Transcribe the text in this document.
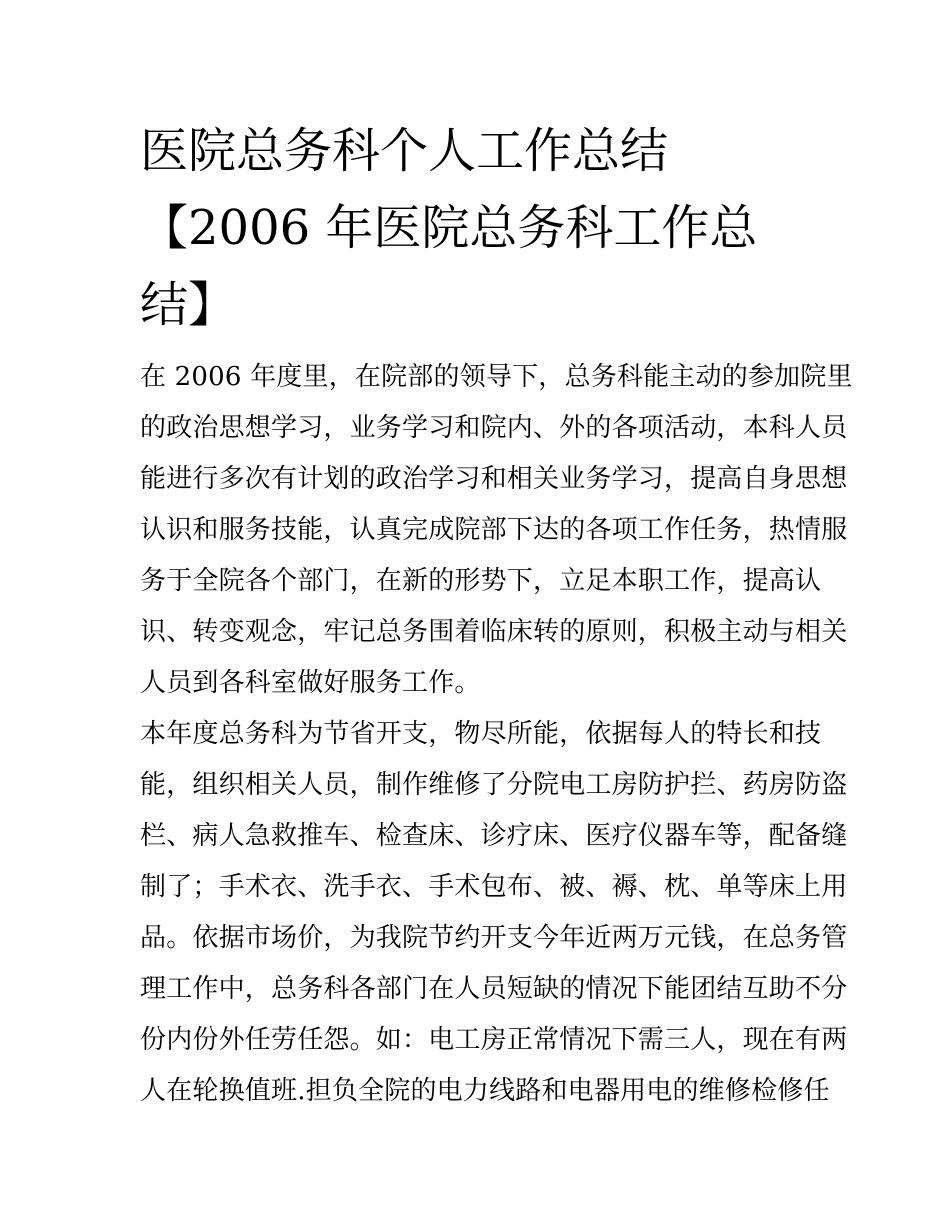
医院总务科个人工作总结
【2006 年医院总务科工作总
结】

在 2006 年度里，在院部的领导下，总务科能主动的参加院里
的政治思想学习，业务学习和院内、外的各项活动，本科人员
能进行多次有计划的政治学习和相关业务学习，提高自身思想
认识和服务技能，认真完成院部下达的各项工作任务，热情服
务于全院各个部门，在新的形势下，立足本职工作，提高认
识、转变观念，牢记总务围着临床转的原则，积极主动与相关
人员到各科室做好服务工作。

本年度总务科为节省开支，物尽所能，依据每人的特长和技
能，组织相关人员，制作维修了分院电工房防护拦、药房防盗
栏、病人急救推车、检查床、诊疗床、医疗仪器车等，配备缝
制了；手术衣、洗手衣、手术包布、被、褥、枕、单等床上用
品。依据市场价，为我院节约开支今年近两万元钱，在总务管
理工作中，总务科各部门在人员短缺的情况下能团结互助不分
份内份外任劳任怨。如：电工房正常情况下需三人，现在有两
人在轮换值班.担负全院的电力线路和电器用电的维修检修任
